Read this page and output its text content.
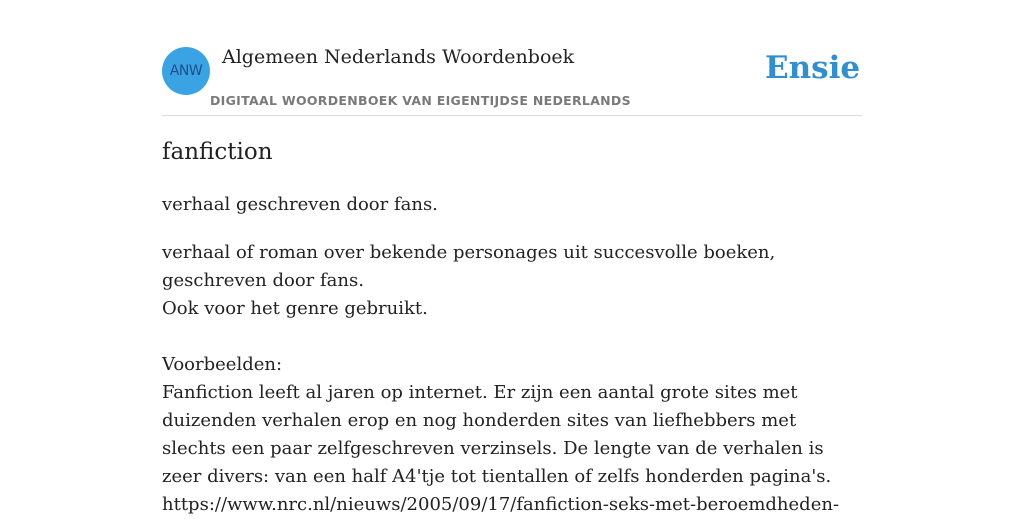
ANW
Algemeen Nederlands Woordenboek
DIGITAAL WOORDENBOEK VAN EIGENTIJDSE NEDERLANDS
Ensie
fanfiction
verhaal geschreven door fans.

verhaal of roman over bekende personages uit succesvolle boeken, geschreven door fans.

Ook voor het genre gebruikt.

Voorbeelden:

Fanfiction leeft al jaren op internet. Er zijn een aantal grote sites met duizenden verhalen erop en nog honderden sites van liefhebbers met slechts een paar zelfgeschreven verzinsels. De lengte van de verhalen is zeer divers: van een half A4'tje tot tientallen of zelfs honderden pagina's.

https://www.nrc.nl/nieuws/2005/09/17/fanfiction-seks-met-beroemdheden-
